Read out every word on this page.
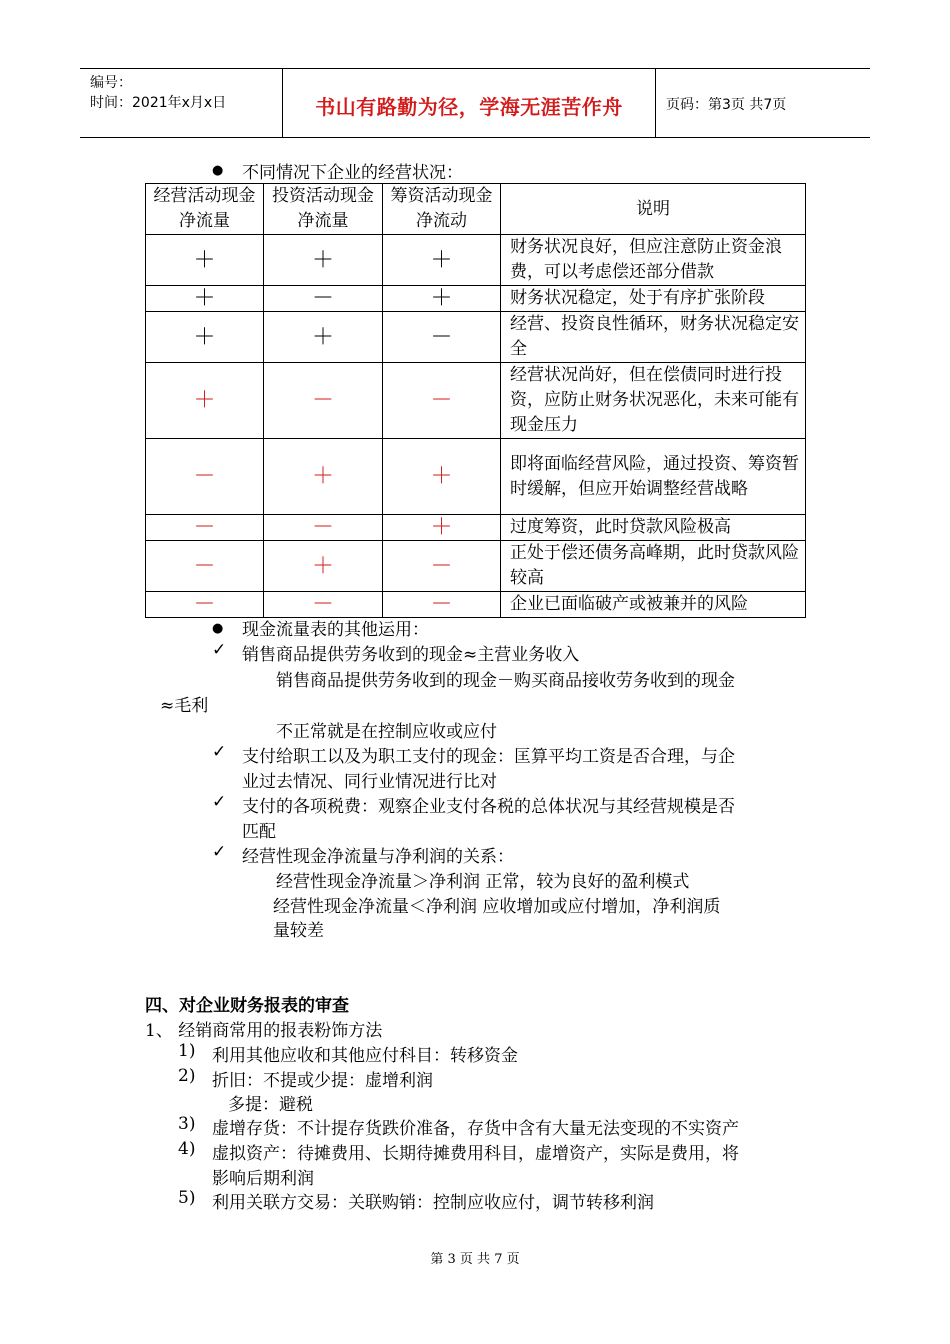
编号：
时间：2021年x月x日	书山有路勤为径，学海无涯苦作舟	页码：第3页 共7页
● 不同情况下企业的经营状况：
经营活动现金净流量	投资活动现金净流量	筹资活动现金净流动	说明
＋	＋	＋	财务状况良好，但应注意防止资金浪费，可以考虑偿还部分借款
＋	－	＋	财务状况稳定，处于有序扩张阶段
＋	＋	－	经营、投资良性循环，财务状况稳定安全
＋	－	－	经营状况尚好，但在偿债同时进行投资，应防止财务状况恶化，未来可能有现金压力
－	＋	＋	即将面临经营风险，通过投资、筹资暂时缓解，但应开始调整经营战略
－	－	＋	过度筹资，此时贷款风险极高
－	＋	－	正处于偿还债务高峰期，此时贷款风险较高
－	－	－	企业已面临破产或被兼并的风险
● 现金流量表的其他运用：
✓ 销售商品提供劳务收到的现金≈主营业务收入
销售商品提供劳务收到的现金－购买商品接收劳务收到的现金
≈毛利
不正常就是在控制应收或应付
✓ 支付给职工以及为职工支付的现金：匡算平均工资是否合理，与企
业过去情况、同行业情况进行比对
✓ 支付的各项税费：观察企业支付各税的总体状况与其经营规模是否
匹配
✓ 经营性现金净流量与净利润的关系：
经营性现金净流量＞净利润 正常，较为良好的盈利模式
经营性现金净流量＜净利润 应收增加或应付增加，净利润质
量较差
四、对企业财务报表的审查
1、 经销商常用的报表粉饰方法
1) 利用其他应收和其他应付科目：转移资金
2) 折旧：不提或少提：虚增利润
多提：避税
3) 虚增存货：不计提存货跌价准备，存货中含有大量无法变现的不实资产
4) 虚拟资产：待摊费用、长期待摊费用科目，虚增资产，实际是费用，将
影响后期利润
5) 利用关联方交易：关联购销：控制应收应付，调节转移利润
第 3 页 共 7 页
